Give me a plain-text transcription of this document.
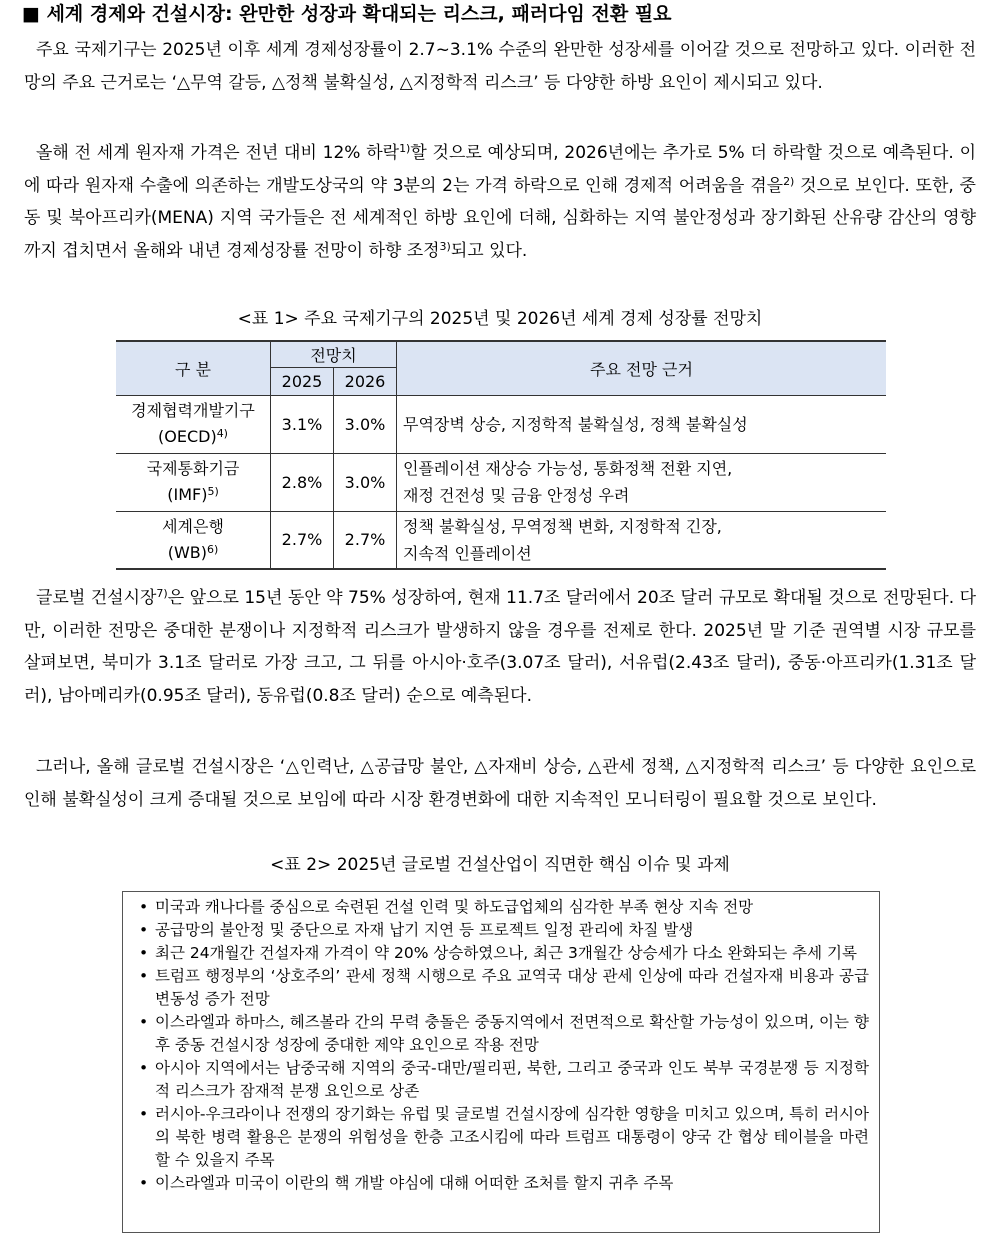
■ 세계 경제와 건설시장: 완만한 성장과 확대되는 리스크, 패러다임 전환 필요

주요 국제기구는 2025년 이후 세계 경제성장률이 2.7~3.1% 수준의 완만한 성장세를 이어갈 것으로 전망하고 있다. 이러한 전망의 주요 근거로는 ‘△무역 갈등, △정책 불확실성, △지정학적 리스크’ 등 다양한 하방 요인이 제시되고 있다.

올해 전 세계 원자재 가격은 전년 대비 12% 하락$^{1)}$할 것으로 예상되며, 2026년에는 추가로 5% 더 하락할 것으로 예측된다. 이에 따라 원자재 수출에 의존하는 개발도상국의 약 3분의 2는 가격 하락으로 인해 경제적 어려움을 겪을$^{2)}$ 것으로 보인다. 또한, 중동 및 북아프리카(MENA) 지역 국가들은 전 세계적인 하방 요인에 더해, 심화하는 지역 불안정성과 장기화된 산유량 감산의 영향까지 겹치면서 올해와 내년 경제성장률 전망이 하향 조정$^{3)}$되고 있다.

<표 1> 주요 국제기구의 2025년 및 2026년 세계 경제 성장률 전망치
구 분	전망치		주요 전망 근거
	2025	2026	
경제협력개발기구
(OECD)$^{4)}$	3.1%	3.0%	무역장벽 상승, 지정학적 불확실성, 정책 불확실성
국제통화기금
(IMF)$^{5)}$	2.8%	3.0%	인플레이션 재상승 가능성, 통화정책 전환 지연,
재정 건전성 및 금융 안정성 우려
세계은행
(WB)$^{6)}$	2.7%	2.7%	정책 불확실성, 무역정책 변화, 지정학적 긴장,
지속적 인플레이션

글로벌 건설시장$^{7)}$은 앞으로 15년 동안 약 75% 성장하여, 현재 11.7조 달러에서 20조 달러 규모로 확대될 것으로 전망된다. 다만, 이러한 전망은 중대한 분쟁이나 지정학적 리스크가 발생하지 않을 경우를 전제로 한다. 2025년 말 기준 권역별 시장 규모를 살펴보면, 북미가 3.1조 달러로 가장 크고, 그 뒤를 아시아·호주(3.07조 달러), 서유럽(2.43조 달러), 중동·아프리카(1.31조 달러), 남아메리카(0.95조 달러), 동유럽(0.8조 달러) 순으로 예측된다.

그러나, 올해 글로벌 건설시장은 ‘△인력난, △공급망 불안, △자재비 상승, △관세 정책, △지정학적 리스크’ 등 다양한 요인으로 인해 불확실성이 크게 증대될 것으로 보임에 따라 시장 환경변화에 대한 지속적인 모니터링이 필요할 것으로 보인다.

<표 2> 2025년 글로벌 건설산업이 직면한 핵심 이슈 및 과제
• 미국과 캐나다를 중심으로 숙련된 건설 인력 및 하도급업체의 심각한 부족 현상 지속 전망
• 공급망의 불안정 및 중단으로 자재 납기 지연 등 프로젝트 일정 관리에 차질 발생
• 최근 24개월간 건설자재 가격이 약 20% 상승하였으나, 최근 3개월간 상승세가 다소 완화되는 추세 기록
• 트럼프 행정부의 ‘상호주의’ 관세 정책 시행으로 주요 교역국 대상 관세 인상에 따라 건설자재 비용과 공급 변동성 증가 전망
• 이스라엘과 하마스, 헤즈볼라 간의 무력 충돌은 중동지역에서 전면적으로 확산할 가능성이 있으며, 이는 향후 중동 건설시장 성장에 중대한 제약 요인으로 작용 전망
• 아시아 지역에서는 남중국해 지역의 중국-대만/필리핀, 북한, 그리고 중국과 인도 북부 국경분쟁 등 지정학적 리스크가 잠재적 분쟁 요인으로 상존
• 러시아-우크라이나 전쟁의 장기화는 유럽 및 글로벌 건설시장에 심각한 영향을 미치고 있으며, 특히 러시아의 북한 병력 활용은 분쟁의 위험성을 한층 고조시킴에 따라 트럼프 대통령이 양국 간 협상 테이블을 마련할 수 있을지 주목
• 이스라엘과 미국이 이란의 핵 개발 야심에 대해 어떠한 조처를 할지 귀추 주목
